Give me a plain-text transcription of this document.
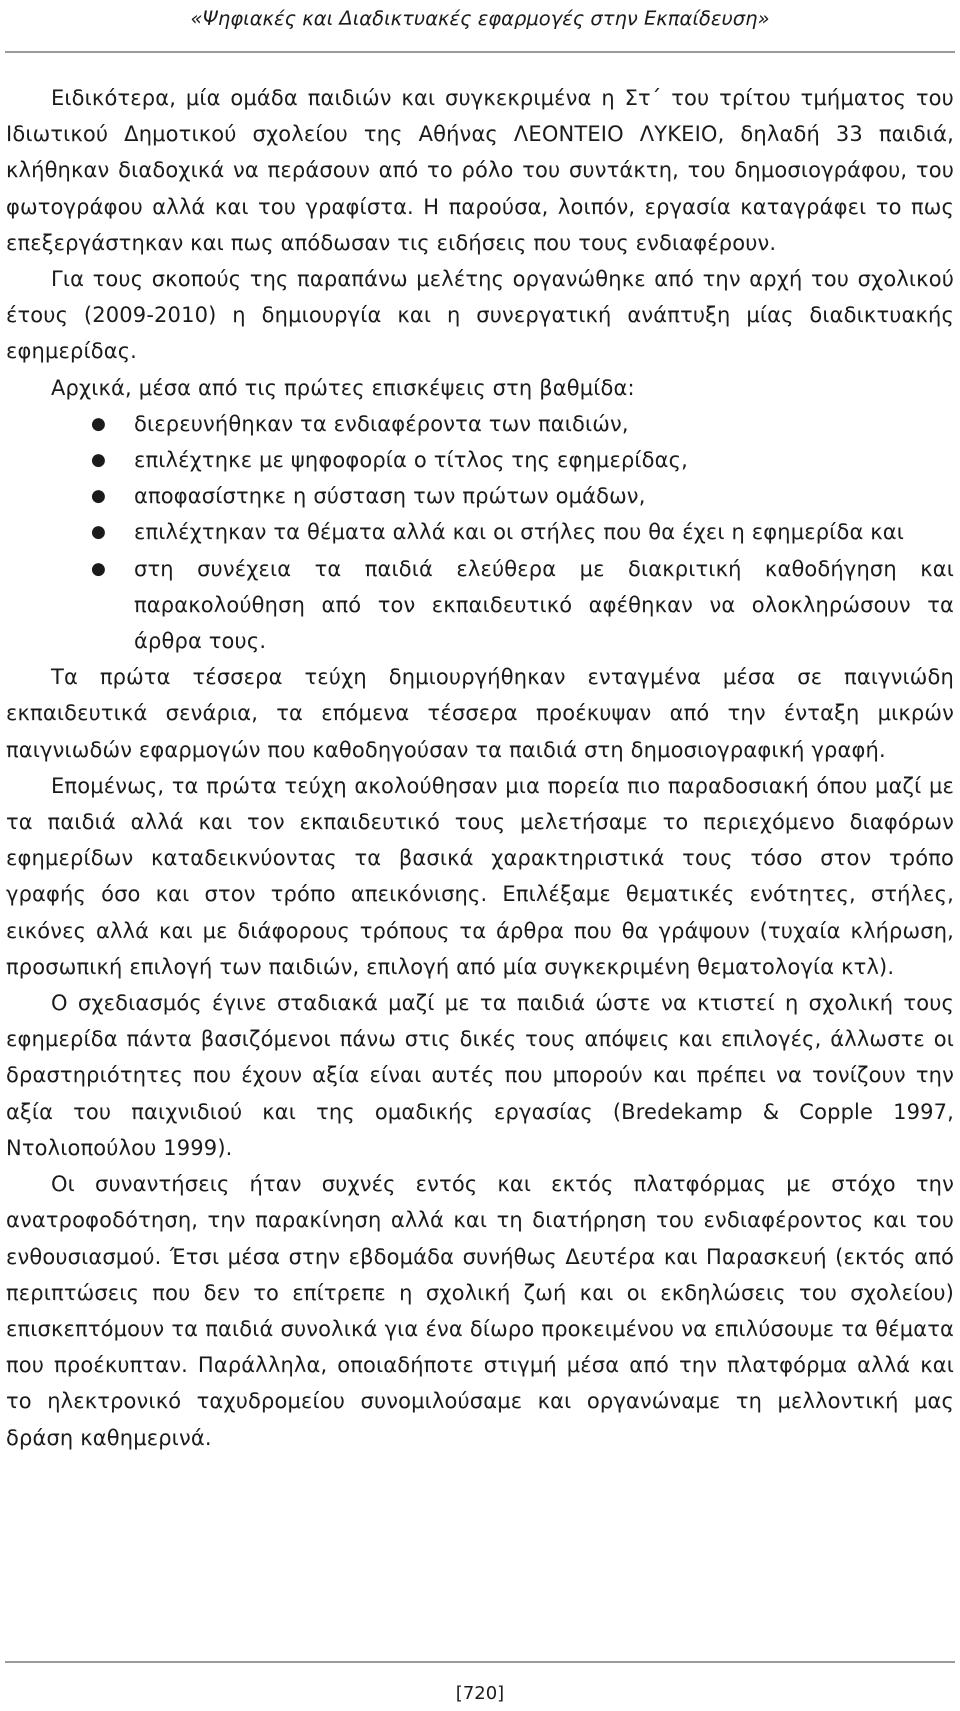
«Ψηφιακές και Διαδικτυακές εφαρμογές στην Εκπαίδευση»

Ειδικότερα, μία ομάδα παιδιών και συγκεκριμένα η Στ΄ του τρίτου τμήματος του Ιδιωτικού Δημοτικού σχολείου της Αθήνας ΛΕΟΝΤΕΙΟ ΛΥΚΕΙΟ, δηλαδή 33 παιδιά, κλήθηκαν διαδοχικά να περάσουν από το ρόλο του συντάκτη, του δημοσιογράφου, του φωτογράφου αλλά και του γραφίστα. Η παρούσα, λοιπόν, εργασία καταγράφει το πως επεξεργάστηκαν και πως απόδωσαν τις ειδήσεις που τους ενδιαφέρουν.

Για τους σκοπούς της παραπάνω μελέτης οργανώθηκε από την αρχή του σχολικού έτους (2009-2010) η δημιουργία και η συνεργατική ανάπτυξη μίας διαδικτυακής εφημερίδας.

Αρχικά, μέσα από τις πρώτες επισκέψεις στη βαθμίδα:

● διερευνήθηκαν τα ενδιαφέροντα των παιδιών,
● επιλέχτηκε με ψηφοφορία ο τίτλος της εφημερίδας,
● αποφασίστηκε η σύσταση των πρώτων ομάδων,
● επιλέχτηκαν τα θέματα αλλά και οι στήλες που θα έχει η εφημερίδα και
● στη συνέχεια τα παιδιά ελεύθερα με διακριτική καθοδήγηση και παρακολούθηση από τον εκπαιδευτικό αφέθηκαν να ολοκληρώσουν τα άρθρα τους.

Τα πρώτα τέσσερα τεύχη δημιουργήθηκαν ενταγμένα μέσα σε παιγνιώδη εκπαιδευτικά σενάρια, τα επόμενα τέσσερα προέκυψαν από την ένταξη μικρών παιγνιωδών εφαρμογών που καθοδηγούσαν τα παιδιά στη δημοσιογραφική γραφή.

Επομένως, τα πρώτα τεύχη ακολούθησαν μια πορεία πιο παραδοσιακή όπου μαζί με τα παιδιά αλλά και τον εκπαιδευτικό τους μελετήσαμε το περιεχόμενο διαφόρων εφημερίδων καταδεικνύοντας τα βασικά χαρακτηριστικά τους τόσο στον τρόπο γραφής όσο και στον τρόπο απεικόνισης. Επιλέξαμε θεματικές ενότητες, στήλες, εικόνες αλλά και με διάφορους τρόπους τα άρθρα που θα γράψουν (τυχαία κλήρωση, προσωπική επιλογή των παιδιών, επιλογή από μία συγκεκριμένη θεματολογία κτλ).

Ο σχεδιασμός έγινε σταδιακά μαζί με τα παιδιά ώστε να κτιστεί η σχολική τους εφημερίδα πάντα βασιζόμενοι πάνω στις δικές τους απόψεις και επιλογές, άλλωστε οι δραστηριότητες που έχουν αξία είναι αυτές που μπορούν και πρέπει να τονίζουν την αξία του παιχνιδιού και της ομαδικής εργασίας (Bredekamp & Copple 1997, Ντολιοπούλου 1999).

Οι συναντήσεις ήταν συχνές εντός και εκτός πλατφόρμας με στόχο την ανατροφοδότηση, την παρακίνηση αλλά και τη διατήρηση του ενδιαφέροντος και του ενθουσιασμού. Έτσι μέσα στην εβδομάδα συνήθως Δευτέρα και Παρασκευή (εκτός από περιπτώσεις που δεν το επίτρεπε η σχολική ζωή και οι εκδηλώσεις του σχολείου) επισκεπτόμουν τα παιδιά συνολικά για ένα δίωρο προκειμένου να επιλύσουμε τα θέματα που προέκυπταν. Παράλληλα, οποιαδήποτε στιγμή μέσα από την πλατφόρμα αλλά και το ηλεκτρονικό ταχυδρομείου συνομιλούσαμε και οργανώναμε τη μελλοντική μας δράση καθημερινά.

[720]
